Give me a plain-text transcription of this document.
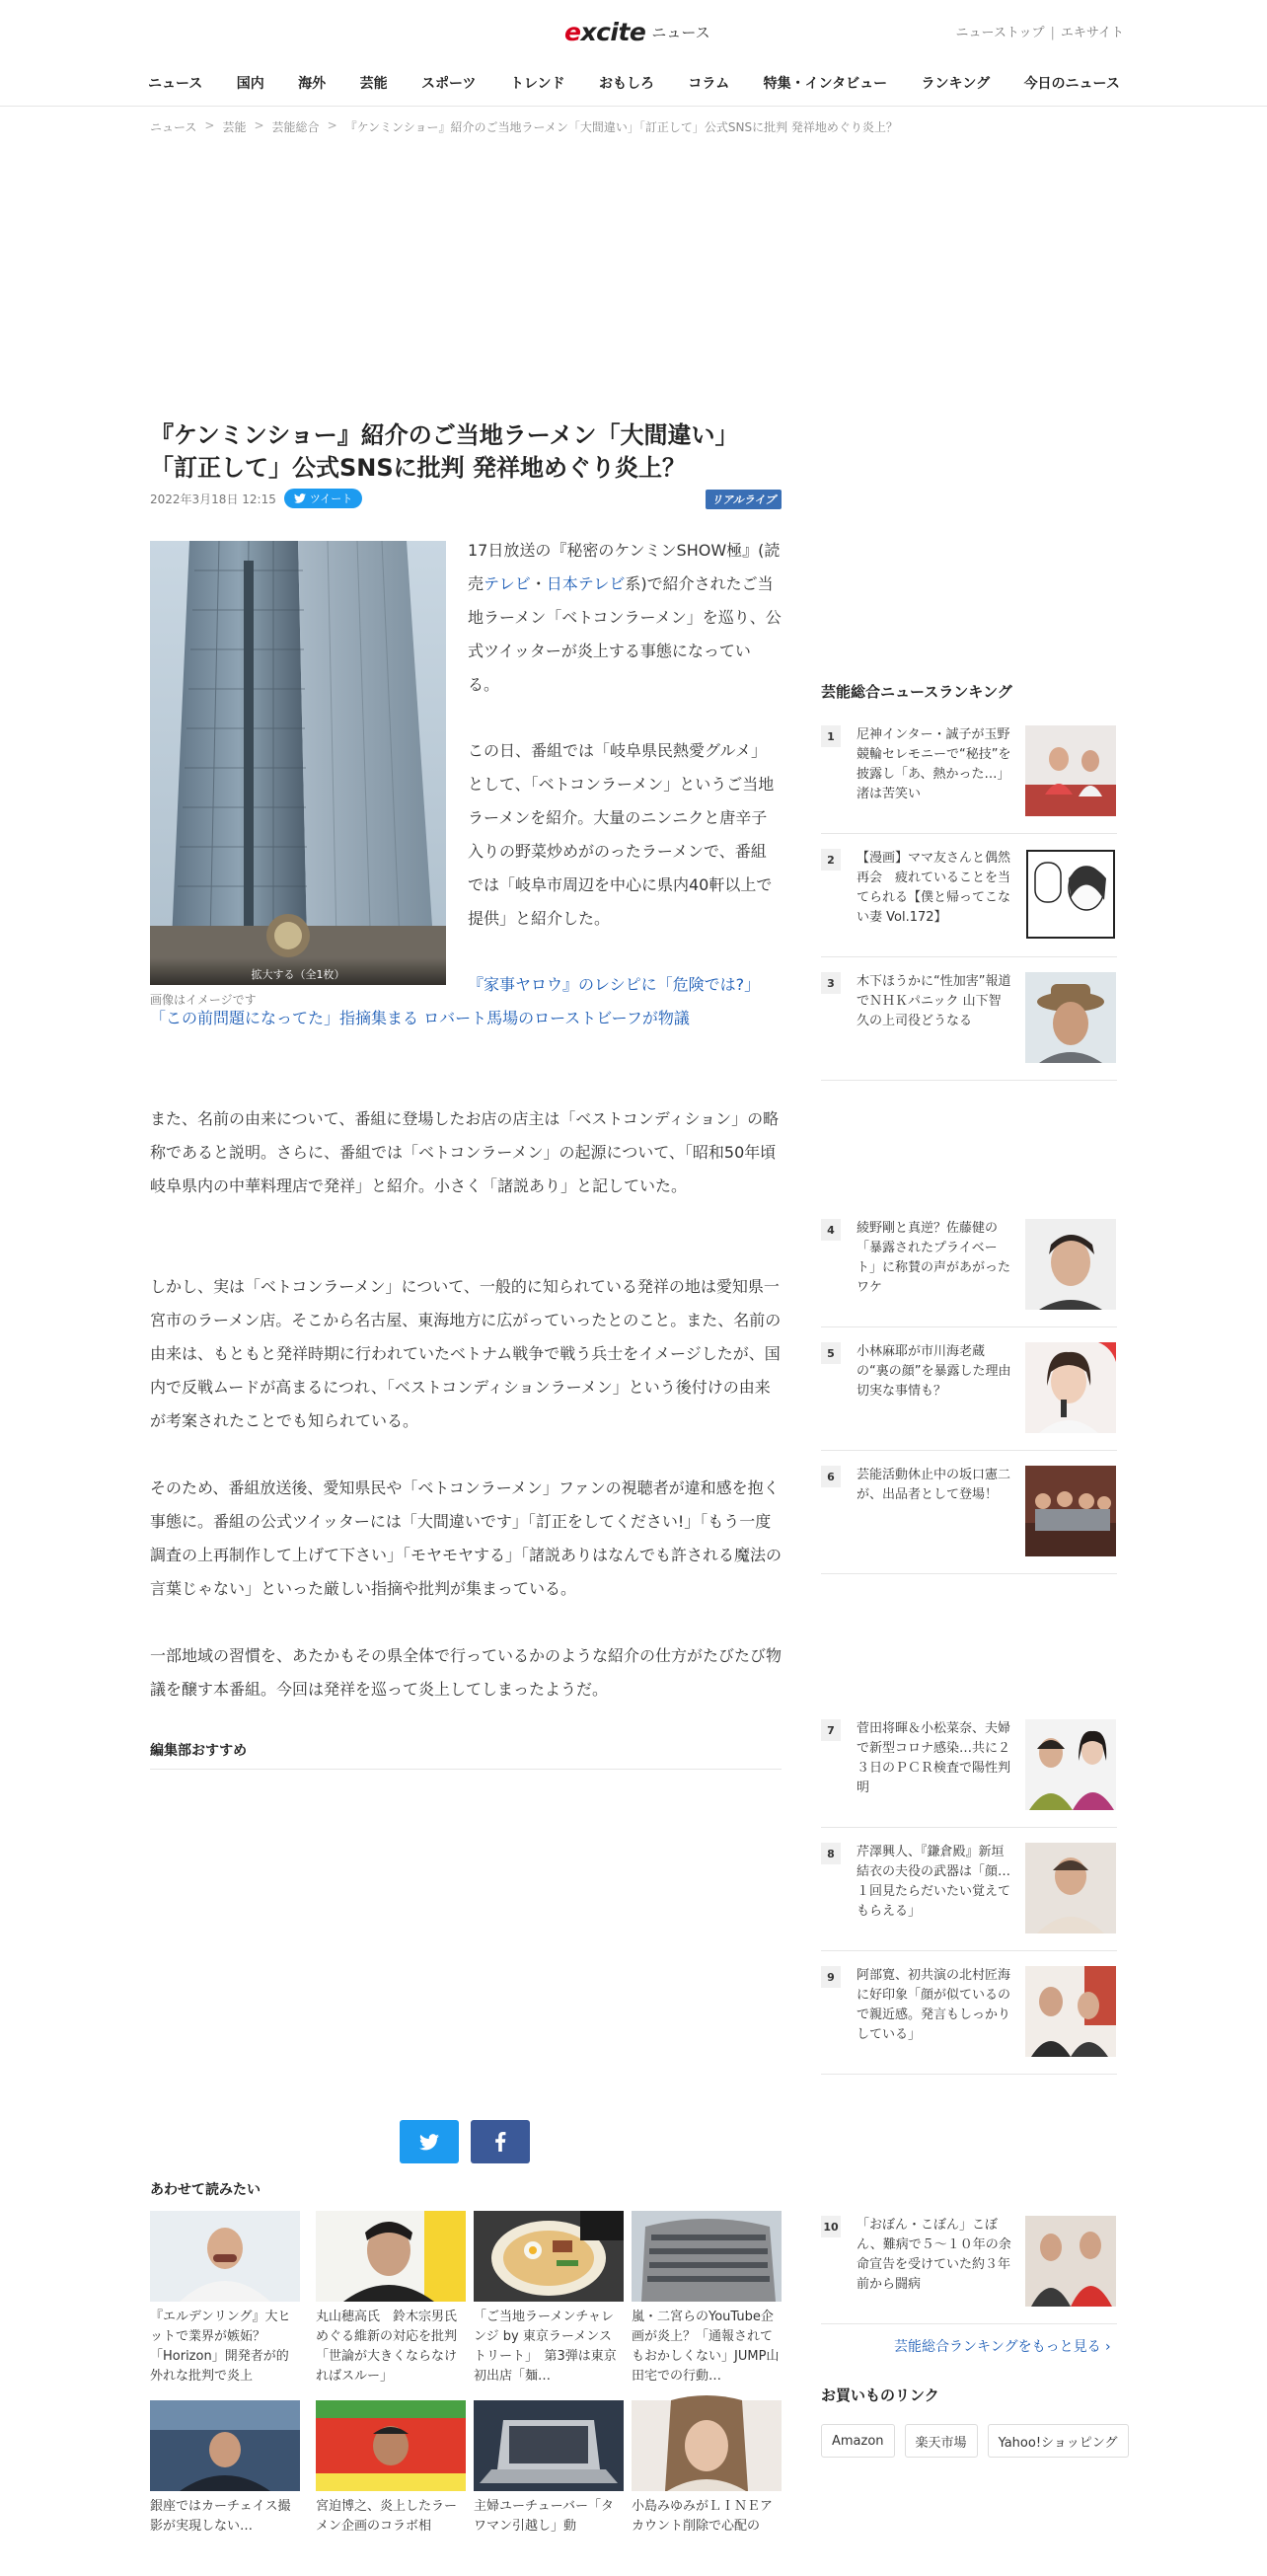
excite ニュース	ニューストップ | エキサイト
ニュース 国内 海外 芸能 スポーツ トレンド おもしろ コラム 特集・インタビュー ランキング 今日のニュース
ニュース > 芸能 > 芸能総合 > 『ケンミンショー』紹介のご当地ラーメン「大間違い」「訂正して」公式SNSに批判 発祥地めぐり炎上？
『ケンミンショー』紹介のご当地ラーメン「大間違い」
「訂正して」公式SNSに批判 発祥地めぐり炎上？
2022年3月18日 12:15	ツイート	リアルライブ
拡大する（全1枚）
画像はイメージです
17日放送の『秘密のケンミンSHOW極』(読売テレビ・日本テレビ系)で紹介されたご当地ラーメン「ベトコンラーメン」を巡り、公式ツイッターが炎上する事態になっている。
この日、番組では「岐阜県民熱愛グルメ」として、「ベトコンラーメン」というご当地ラーメンを紹介。大量のニンニクと唐辛子入りの野菜炒めがのったラーメンで、番組では「岐阜市周辺を中心に県内40軒以上で提供」と紹介した。
『家事ヤロウ』のレシピに「危険では?」「この前問題になってた」指摘集まる ロバート馬場のローストビーフが物議
また、名前の由来について、番組に登場したお店の店主は「ベストコンディション」の略称であると説明。さらに、番組では「ベトコンラーメン」の起源について、「昭和50年頃岐阜県内の中華料理店で発祥」と紹介。小さく「諸説あり」と記していた。
しかし、実は「ベトコンラーメン」について、一般的に知られている発祥の地は愛知県一宮市のラーメン店。そこから名古屋、東海地方に広がっていったとのこと。また、名前の由来は、もともと発祥時期に行われていたベトナム戦争で戦う兵士をイメージしたが、国内で反戦ムードが高まるにつれ、「ベストコンディションラーメン」という後付けの由来が考案されたことでも知られている。
そのため、番組放送後、愛知県民や「ベトコンラーメン」ファンの視聴者が違和感を抱く事態に。番組の公式ツイッターには「大間違いです」「訂正をしてください!」「もう一度調査の上再制作して上げて下さい」「モヤモヤする」「諸説ありはなんでも許される魔法の言葉じゃない」といった厳しい指摘や批判が集まっている。
一部地域の習慣を、あたかもその県全体で行っているかのような紹介の仕方がたびたび物議を醸す本番組。今回は発祥を巡って炎上してしまったようだ。
編集部おすすめ
あわせて読みたい
『エルデンリング』大ヒットで業界が嫉妬？「Horizon」開発者が的外れな批判で炎上
丸山穂高氏　鈴木宗男氏めぐる維新の対応を批判「世論が大きくならなければスルー」
「ご当地ラーメンチャレンジ by 東京ラーメンストリート」　第3弾は東京初出店「麺…
嵐・二宮らのYouTube企画が炎上？「通報されてもおかしくない」JUMP山田宅での行動…
銀座ではカーチェイス撮影が実現しない…
宮迫博之、炎上したラーメン企画のコラボ相
主婦ユーチューバー「タワマン引越し」動
小島みゆみがＬＩＮＥアカウント削除で心配の
芸能総合ニュースランキング
1	尼神インター・誠子が玉野競輪セレモニーで“秘技”を披露し「あ、熱かった…」　渚は苦笑い
2	【漫画】ママ友さんと偶然再会　疲れていることを当てられる【僕と帰ってこない妻 Vol.172】
3	木下ほうかに“性加害”報道でＮＨＫパニック 山下智久の上司役どうなる
4	綾野剛と真逆？佐藤健の「暴露されたプライベート」に称賛の声があがったワケ
5	小林麻耶が市川海老蔵の“裏の顔”を暴露した理由 切実な事情も？
6	芸能活動休止中の坂口憲二が、出品者として登場！
7	菅田将暉＆小松菜奈、夫婦で新型コロナ感染…共に２３日のＰＣＲ検査で陽性判明
8	芹澤興人、『鎌倉殿』新垣結衣の夫役の武器は「顔…１回見たらだいたい覚えてもらえる」
9	阿部寛、初共演の北村匠海に好印象「顔が似ているので親近感。発言もしっかりしている」
10 「おぼん・こぼん」こぼん、難病で５～１０年の余命宣告を受けていた約３年前から闘病
芸能総合ランキングをもっと見る ›
お買いものリンク
Amazon	楽天市場	Yahoo!ショッピング
